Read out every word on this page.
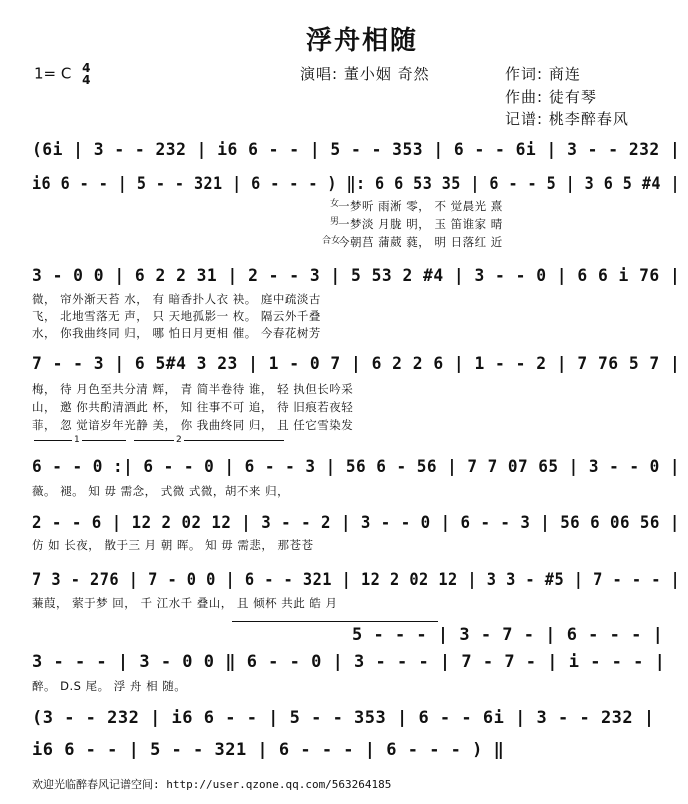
浮舟相随
1= C 4
4	演唱: 董小姻 奇然	作词: 商连
作曲: 徒有琴
记谱: 桃李醉春风
(6i | 3 - - 232 | i6 6 - - | 5 - - 353 | 6 - - 6i | 3 - - 232 |
i6 6 - - | 5 - - 321 | 6 - - - ) ‖: 6 6 53 35 | 6 - - 5 | 3 6 5 #4 |
女
男
合女
一梦听 雨淅 零， 不 觉晨光 熹
一梦淡 月胧 明， 玉 笛谁家 晴
今朝莒 蒲葳 蕤， 明 日落红 近
3 - 0 0 | 6 2 2 31 | 2 - - 3 | 5 53 2 #4 | 3 - - 0 | 6 6 i 76 |
微， 帘外渐天苔 水， 有 暗香扑人衣 袂。 庭中疏淡古
飞， 北地雪落无 声， 只 天地孤影一 枚。 隔云外千叠
水， 你我曲终同 归， 哪 怕日月更相 催。 今春花树芳
7 - - 3 | 6 5#4 3 23 | 1 - 0 7 | 6 2 2 6 | 1 - - 2 | 7 76 5 7 |
梅， 待 月色至共分清 辉， 青 简半卷待 谁， 轻 执但长吟采
山， 邀 你共酌清酒此 杯， 知 往事不可 追， 待 旧痕若夜轻
菲， 忽 觉谙岁年光静 美， 你 我曲终同 归， 且 任它雪染发
1	2
6 - - 0 :| 6 - - 0 | 6 - - 3 | 56 6 - 56 | 7 7 07 65 | 3 - - 0 |
薇。 褪。 知 毋 需念， 式微 式微，胡不来 归，
2 - - 6 | 12 2 02 12 | 3 - - 2 | 3 - - 0 | 6 - - 3 | 56 6 06 56 |
仿 如 长夜， 散于三 月 朝 晖。 知 毋 需悲， 那苍苍
7 3 - 276 | 7 - 0 0 | 6 - - 321 | 12 2 02 12 | 3 3 - #5 | 7 - - - |
蒹葭， 萦于梦 回， 千 江水千 叠山， 且 倾杯 共此 皓 月
5 - - - | 3 - 7 - | 6 - - - |
3 - - - | 3 - 0 0 ‖ 6 - - 0 | 3 - - - | 7 - 7 - | i - - - |
醉。 D.S 尾。 浮 舟 相 随。
(3 - - 232 | i6 6 - - | 5 - - 353 | 6 - - 6i | 3 - - 232 |
i6 6 - - | 5 - - 321 | 6 - - - | 6 - - - ) ‖
欢迎光临醉春风记谱空间: http://user.qzone.qq.com/563264185
